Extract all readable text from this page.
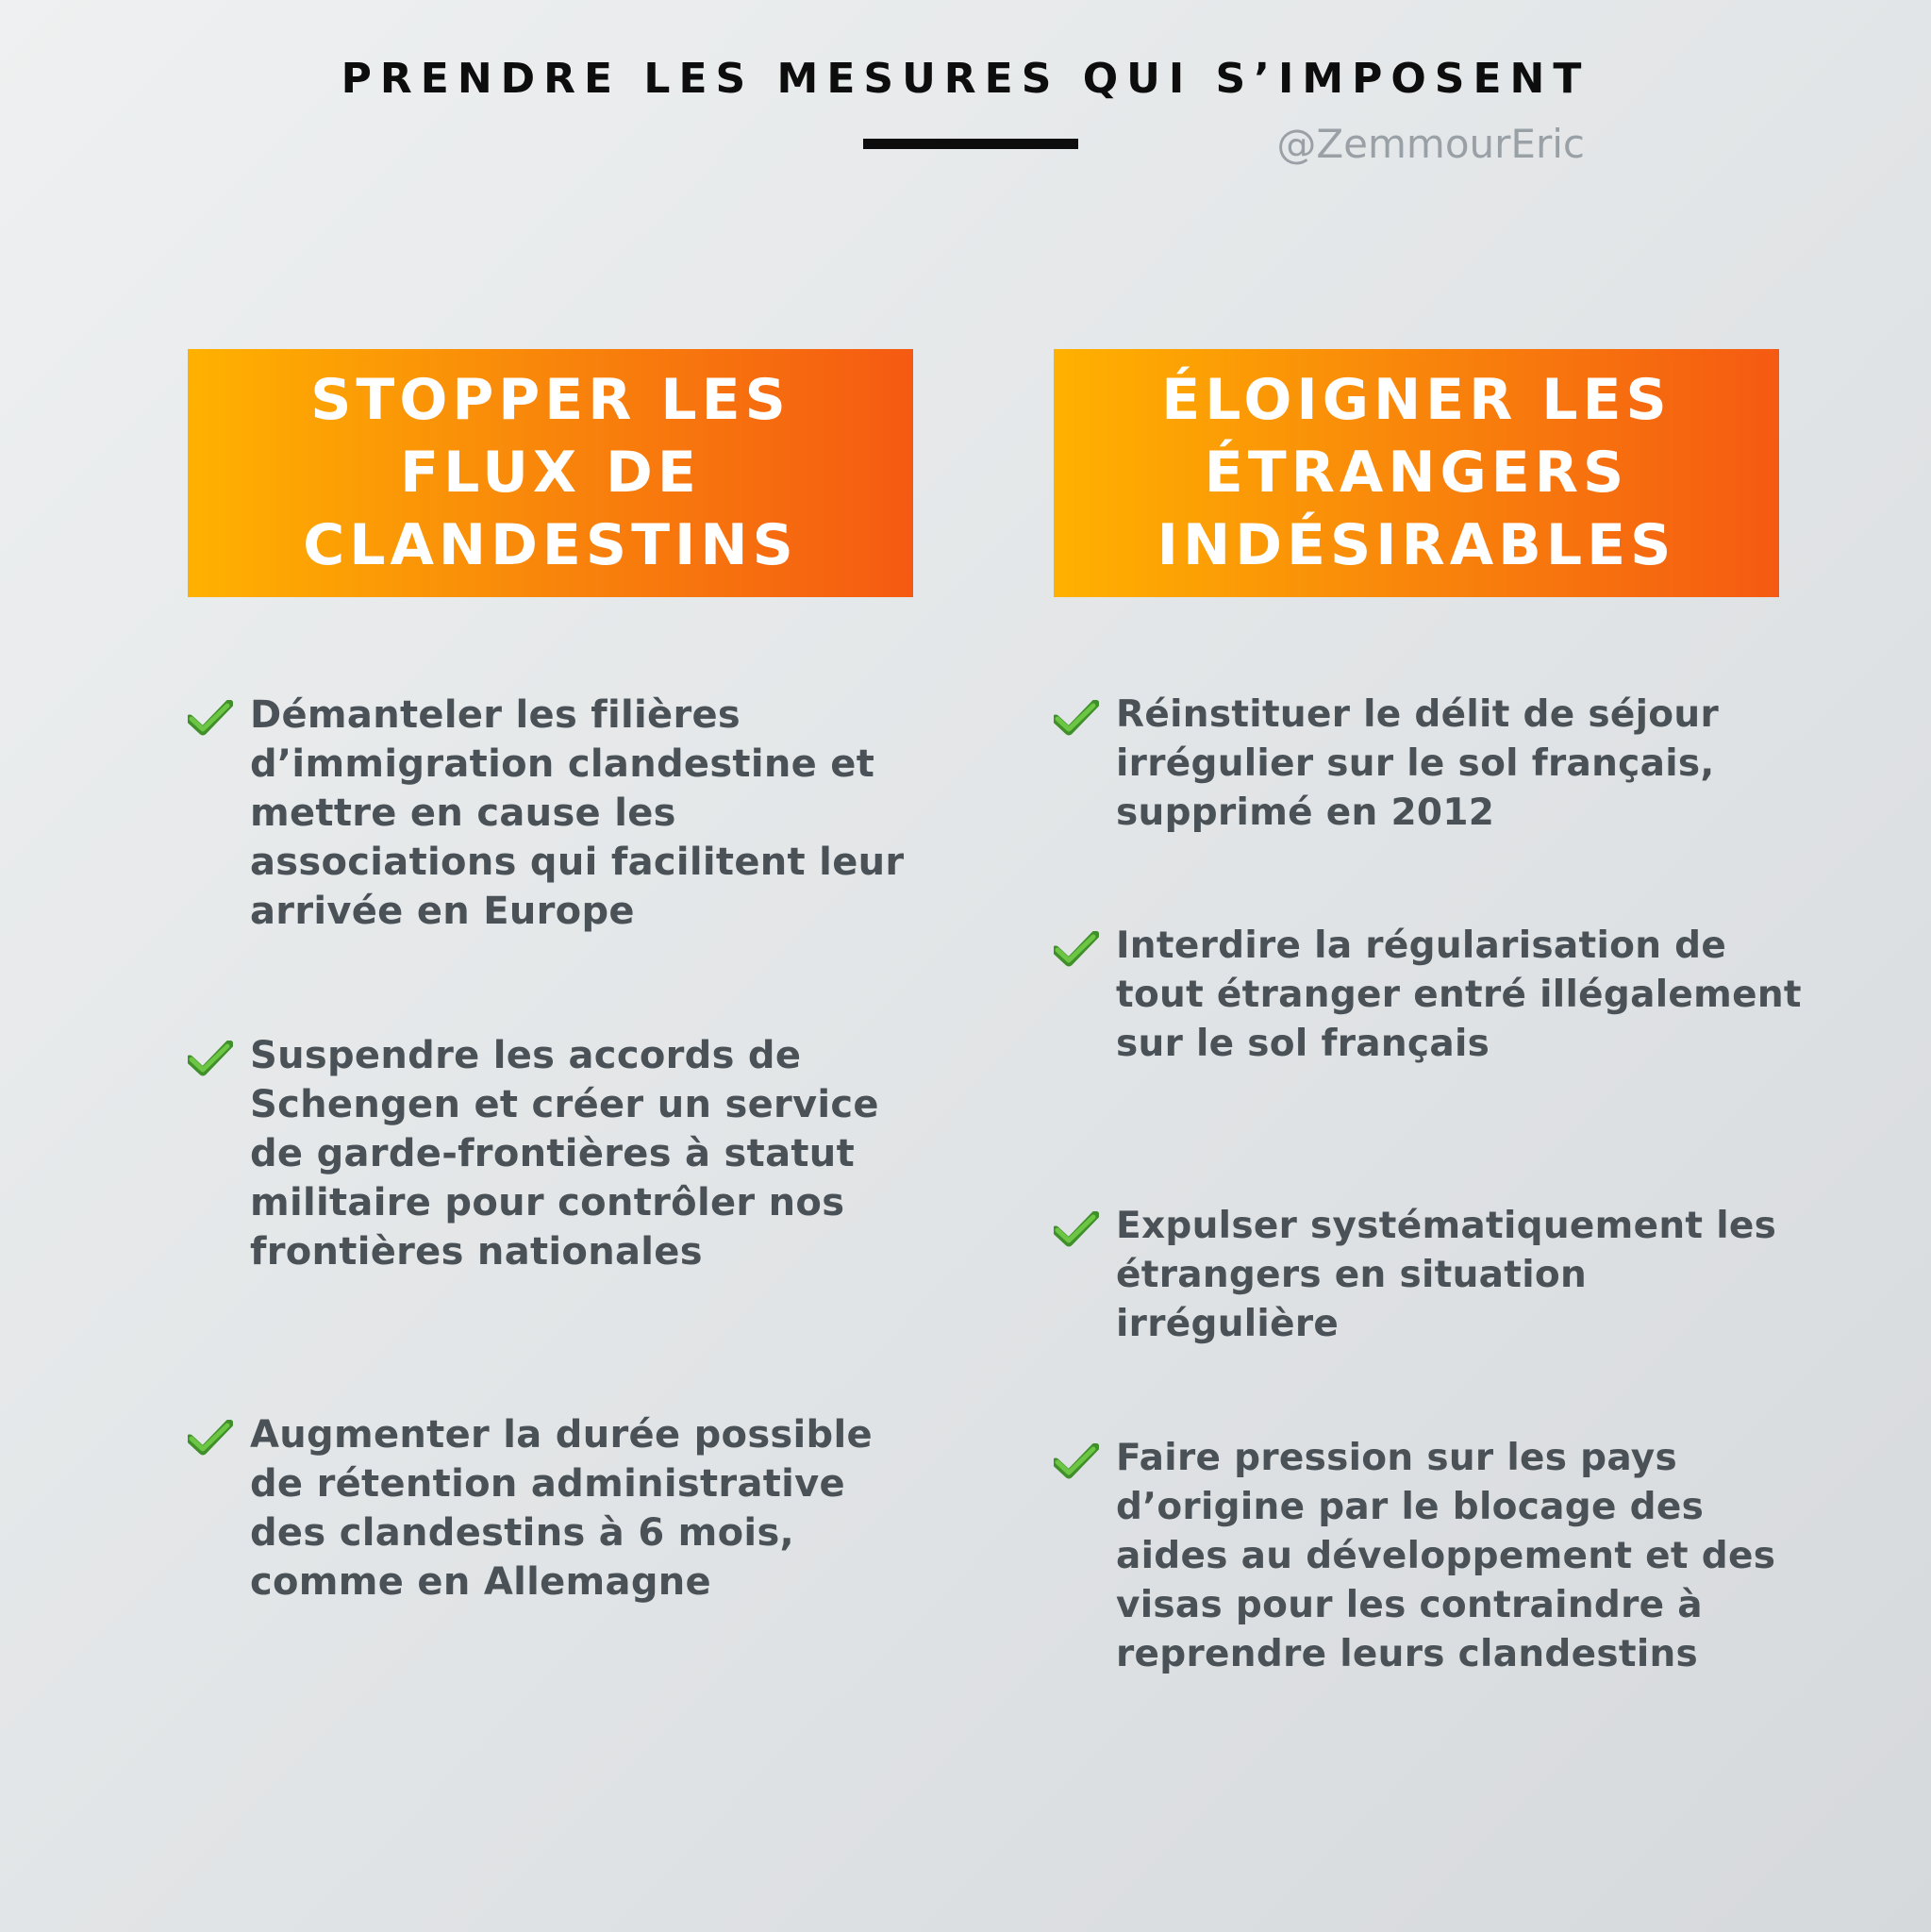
PRENDRE LES MESURES QUI S’IMPOSENT
@ZemmourEric
STOPPER LES
FLUX DE
CLANDESTINS
Démanteler les filières d’immigration clandestine et mettre en cause les associations qui facilitent leur arrivée en Europe
Suspendre les accords de Schengen et créer un service de garde-frontières à statut militaire pour contrôler nos frontières nationales
Augmenter la durée possible de rétention administrative des clandestins à 6 mois, comme en Allemagne
ÉLOIGNER LES
ÉTRANGERS
INDÉSIRABLES
Réinstituer le délit de séjour irrégulier sur le sol français, supprimé en 2012
Interdire la régularisation de tout étranger entré illégalement sur le sol français
Expulser systématiquement les étrangers en situation irrégulière
Faire pression sur les pays d’origine par le blocage des aides au développement et des visas pour les contraindre à reprendre leurs clandestins
